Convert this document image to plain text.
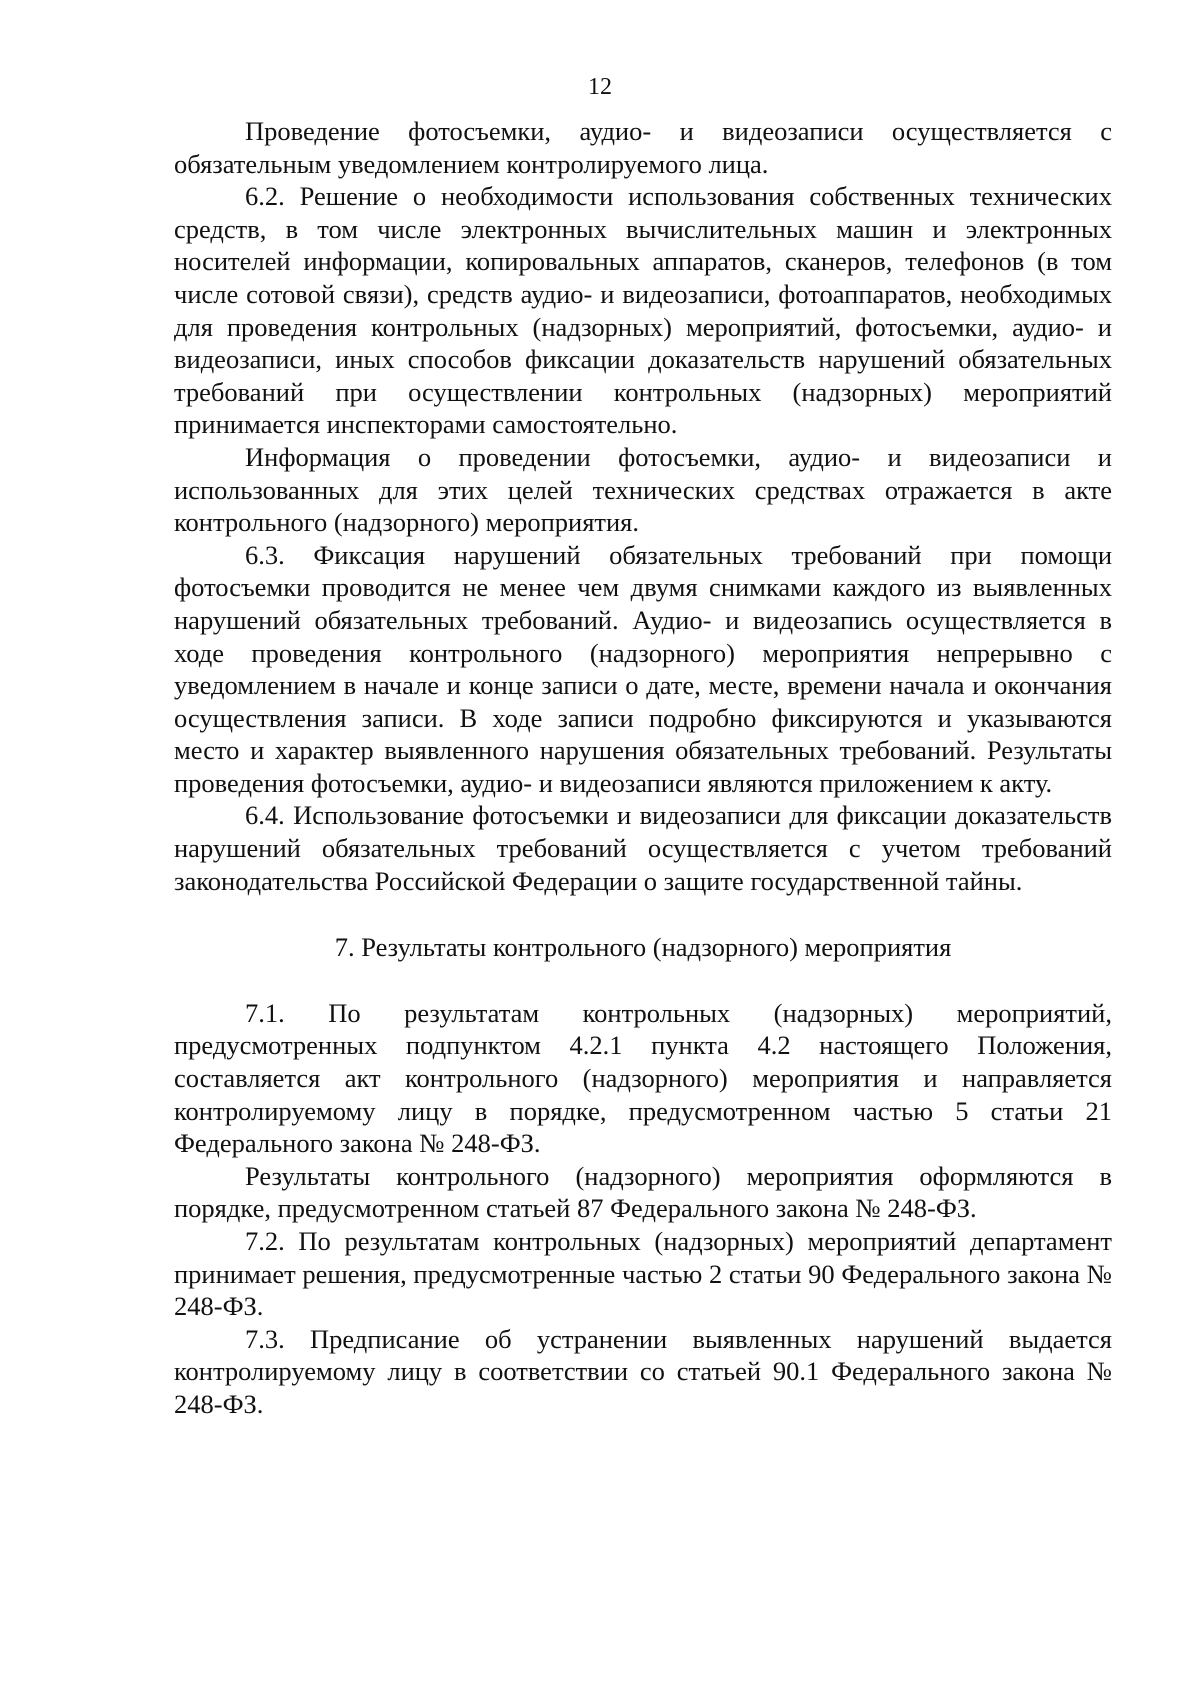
12

Проведение фотосъемки, аудио- и видеозаписи осуществляется с обязательным уведомлением контролируемого лица.

6.2. Решение о необходимости использования собственных технических средств, в том числе электронных вычислительных машин и электронных носителей информации, копировальных аппаратов, сканеров, телефонов (в том числе сотовой связи), средств аудио- и видеозаписи, фотоаппаратов, необходимых для проведения контрольных (надзорных) мероприятий, фотосъемки, аудио- и видеозаписи, иных способов фиксации доказательств нарушений обязательных требований при осуществлении контрольных (надзорных) мероприятий принимается инспекторами самостоятельно.

Информация о проведении фотосъемки, аудио- и видеозаписи и использованных для этих целей технических средствах отражается в акте контрольного (надзорного) мероприятия.

6.3. Фиксация нарушений обязательных требований при помощи фотосъемки проводится не менее чем двумя снимками каждого из выявленных нарушений обязательных требований. Аудио- и видеозапись осуществляется в ходе проведения контрольного (надзорного) мероприятия непрерывно с уведомлением в начале и конце записи о дате, месте, времени начала и окончания осуществления записи. В ходе записи подробно фиксируются и указываются место и характер выявленного нарушения обязательных требований. Результаты проведения фотосъемки, аудио- и видеозаписи являются приложением к акту.

6.4. Использование фотосъемки и видеозаписи для фиксации доказательств нарушений обязательных требований осуществляется с учетом требований законодательства Российской Федерации о защите государственной тайны.

7. Результаты контрольного (надзорного) мероприятия

7.1. По результатам контрольных (надзорных) мероприятий, предусмотренных подпунктом 4.2.1 пункта 4.2 настоящего Положения, составляется акт контрольного (надзорного) мероприятия и направляется контролируемому лицу в порядке, предусмотренном частью 5 статьи 21 Федерального закона № 248-ФЗ.

Результаты контрольного (надзорного) мероприятия оформляются в порядке, предусмотренном статьей 87 Федерального закона № 248-ФЗ.

7.2. По результатам контрольных (надзорных) мероприятий департамент принимает решения, предусмотренные частью 2 статьи 90 Федерального закона № 248-ФЗ.

7.3. Предписание об устранении выявленных нарушений выдается контролируемому лицу в соответствии со статьей 90.1 Федерального закона № 248-ФЗ.
